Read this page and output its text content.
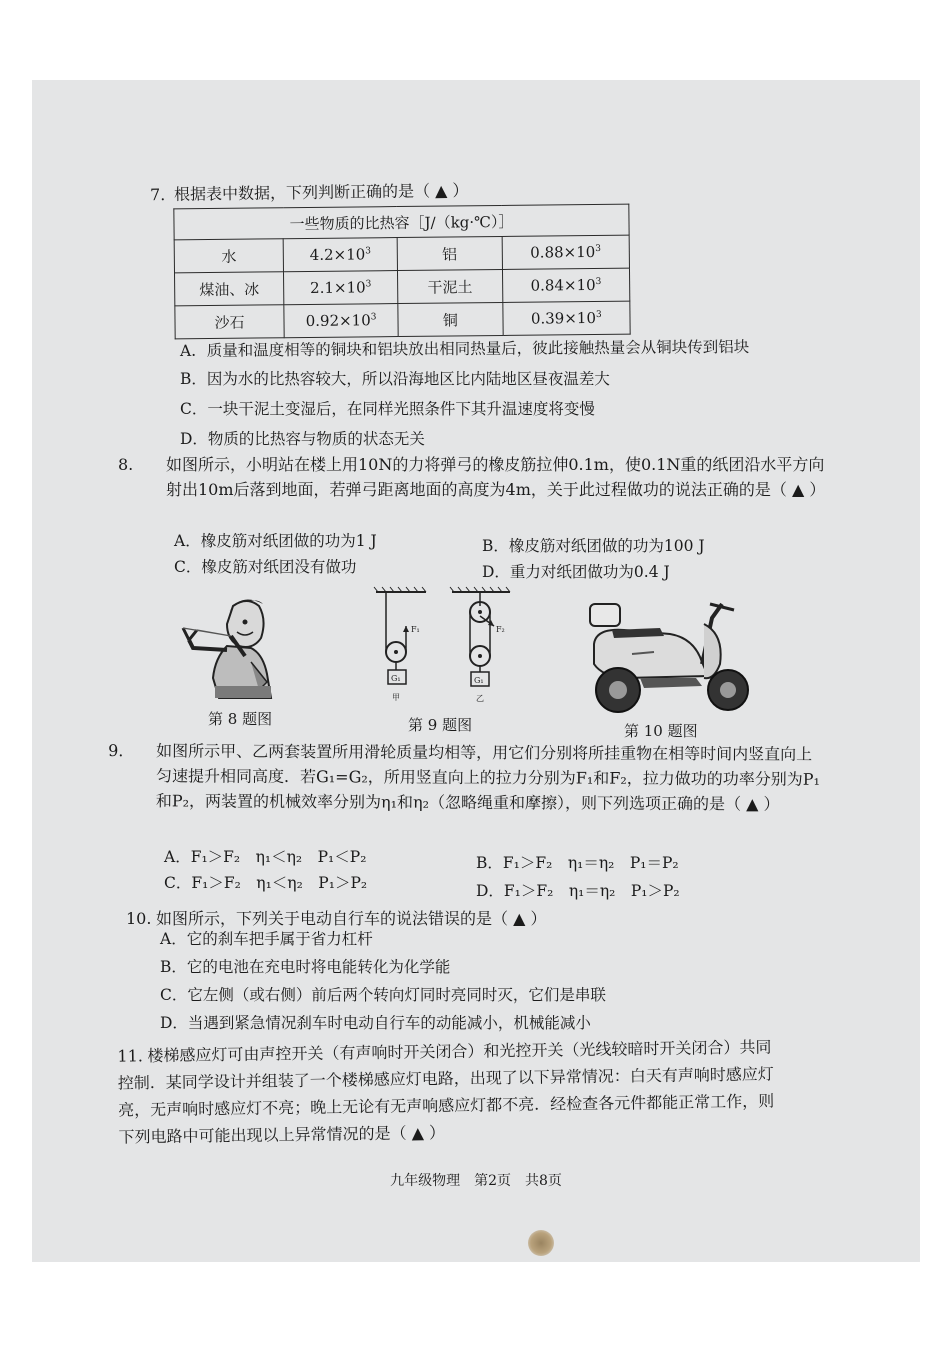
7. 根据表中数据，下列判断正确的是（ ▲ ）
一些物质的比热容［J/（kg·℃）］			
水	$4.2\times 10^3$	铝	$0.88\times 10^3$
煤油、冰	$2.1\times 10^3$	干泥土	$0.84\times 10^3$
沙石	$0.92\times 10^3$	铜	$0.39\times 10^3$
A．质量和温度相等的铜块和铝块放出相同热量后，彼此接触热量会从铜块传到铝块
B．因为水的比热容较大，所以沿海地区比内陆地区昼夜温差大
C．一块干泥土变湿后，在同样光照条件下其升温速度将变慢
D．物质的比热容与物质的状态无关
8. 如图所示，小明站在楼上用10N的力将弹弓的橡皮筋拉伸0.1m，使0.1N重的纸团沿水平方向射出10m后落到地面，若弹弓距离地面的高度为4m，关于此过程做功的说法正确的是（ ▲ ）
A．橡皮筋对纸团做的功为1 J	B．橡皮筋对纸团做的功为100 J
C．橡皮筋对纸团没有做功	D．重力对纸团做功为0.4 J
F₁
G₁
甲
F₂
G₁
乙
第 8 题图	第 9 题图	第 10 题图
9. 如图所示甲、乙两套装置所用滑轮质量均相等，用它们分别将所挂重物在相等时间内竖直向上匀速提升相同高度．若G₁=G₂，所用竖直向上的拉力分别为F₁和F₂，拉力做功的功率分别为P₁和P₂，两装置的机械效率分别为η₁和η₂（忽略绳重和摩擦），则下列选项正确的是（ ▲ ）
A．F₁＞F₂　η₁＜η₂　P₁＜P₂	B．F₁＞F₂　η₁＝η₂　P₁＝P₂
C．F₁＞F₂　η₁＜η₂　P₁＞P₂	D．F₁＞F₂　η₁＝η₂　P₁＞P₂
10. 如图所示，下列关于电动自行车的说法错误的是（ ▲ ）
A．它的刹车把手属于省力杠杆
B．它的电池在充电时将电能转化为化学能
C．它左侧（或右侧）前后两个转向灯同时亮同时灭，它们是串联
D．当遇到紧急情况刹车时电动自行车的动能减小，机械能减小
11. 楼梯感应灯可由声控开关（有声响时开关闭合）和光控开关（光线较暗时开关闭合）共同控制．某同学设计并组装了一个楼梯感应灯电路，出现了以下异常情况：白天有声响时感应灯亮，无声响时感应灯不亮；晚上无论有无声响感应灯都不亮．经检查各元件都能正常工作，则下列电路中可能出现以上异常情况的是（ ▲ ）
九年级物理　第2页　共8页
